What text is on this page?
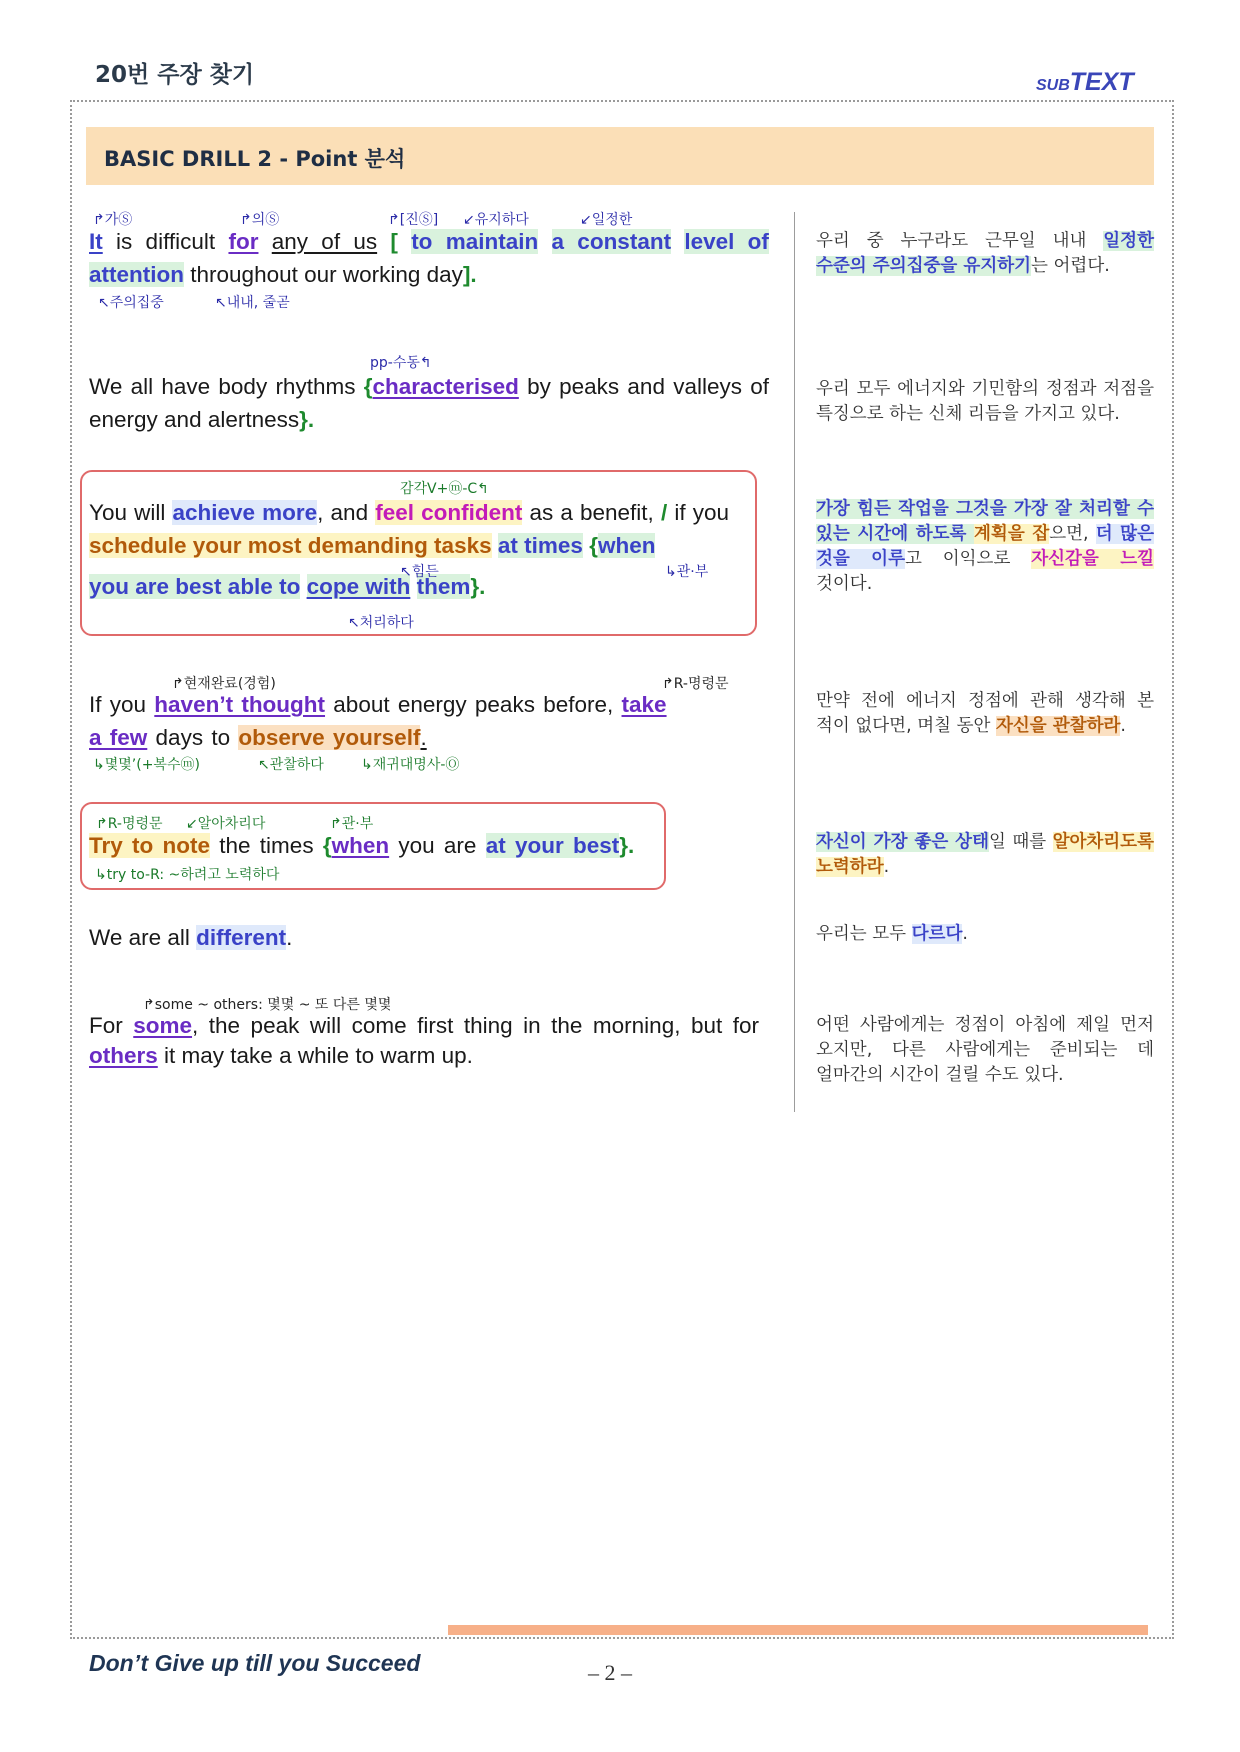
20번 주장 찾기	SUBTEXT
BASIC DRILL 2 - Point 분석
↱가Ⓢ	↱의Ⓢ	↱[진Ⓢ] ↙유지하다	↙일정한
It is difficult for any of us [ to maintain a constant level of attention throughout our working day].
↖주의집중	↖내내, 줄곧
우리 중 누구라도 근무일 내내 일정한 수준의 주의집중을 유지하기는 어렵다.
pp-수동↰
We all have body rhythms {characterised by peaks and valleys of energy and alertness}.
우리 모두 에너지와 기민함의 정점과 저점을 특징으로 하는 신체 리듬을 가지고 있다.
감각V+ⓜ-C↰
You will achieve more, and feel confident as a benefit, / if you schedule your most demanding tasks at times {when
you are best able to cope with them}.
↖힘든	↳관·부
↖처리하다
가장 힘든 작업을 그것을 가장 잘 처리할 수 있는 시간에 하도록 계획을 잡으면, 더 많은 것을 이루고 이익으로 자신감을 느낄 것이다.
↱현재완료(경험)	↱R-명령문
If you haven’t thought about energy peaks before, take
a few days to observe yourself.
↳몇몇’(+복수ⓜ)	↖관찰하다	↳재귀대명사-Ⓞ
만약 전에 에너지 정점에 관해 생각해 본 적이 없다면, 며칠 동안 자신을 관찰하라.
↱R-명령문 ↙알아차리다	↱관·부
Try to note the times {when you are at your best}.
↳try to-R: ~하려고 노력하다
자신이 가장 좋은 상태일 때를 알아차리도록 노력하라.
We are all different.	우리는 모두 다르다.
↱some ~ others: 몇몇 ~ 또 다른 몇몇
For some, the peak will come first thing in the morning, but for others it may take a while to warm up.
어떤 사람에게는 정점이 아침에 제일 먼저 오지만, 다른 사람에게는 준비되는 데 얼마간의 시간이 걸릴 수도 있다.
Don’t Give up till you Succeed	– 2 –
